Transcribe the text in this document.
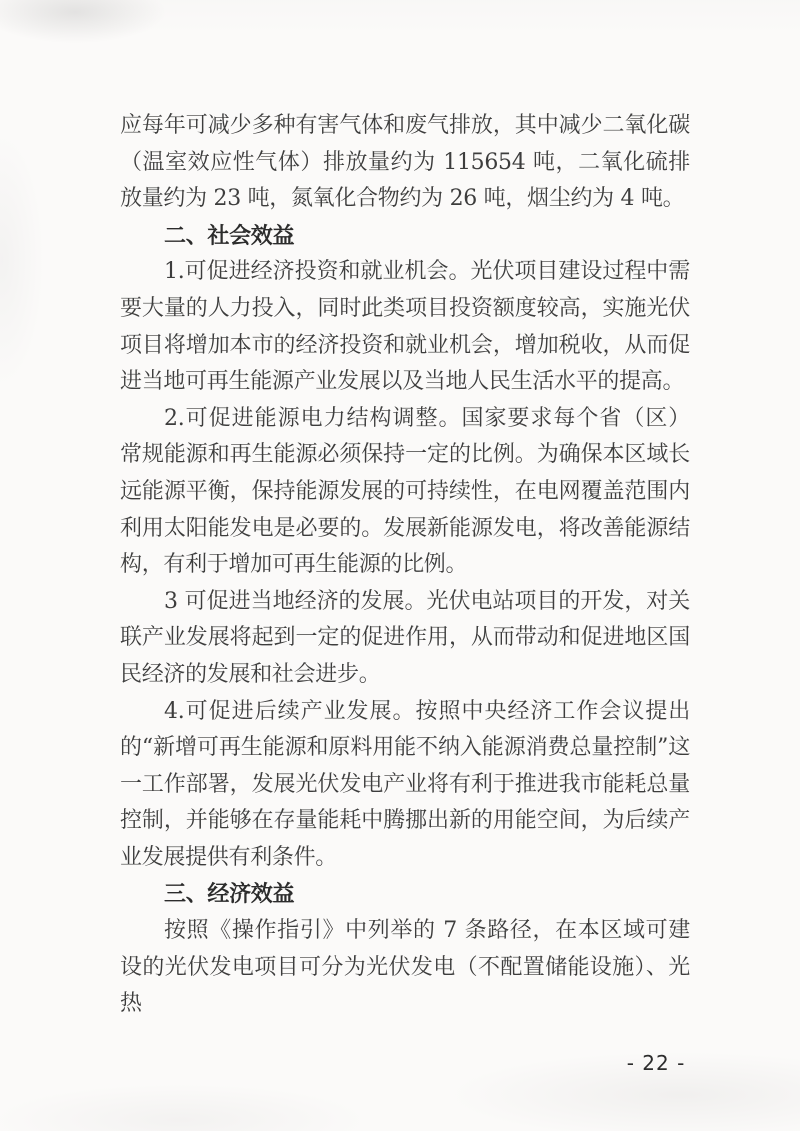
应每年可减少多种有害气体和废气排放，其中减少二氧化碳（温室效应性气体）排放量约为 115654 吨，二氧化硫排放量约为 23 吨，氮氧化合物约为 26 吨，烟尘约为 4 吨。

二、社会效益

1.可促进经济投资和就业机会。光伏项目建设过程中需要大量的人力投入，同时此类项目投资额度较高，实施光伏项目将增加本市的经济投资和就业机会，增加税收，从而促进当地可再生能源产业发展以及当地人民生活水平的提高。

2.可促进能源电力结构调整。国家要求每个省（区） 常规能源和再生能源必须保持一定的比例。为确保本区域长远能源平衡，保持能源发展的可持续性，在电网覆盖范围内利用太阳能发电是必要的。发展新能源发电，将改善能源结构，有利于增加可再生能源的比例。

3 可促进当地经济的发展。光伏电站项目的开发，对关联产业发展将起到一定的促进作用，从而带动和促进地区国民经济的发展和社会进步。

4.可促进后续产业发展。按照中央经济工作会议提出的“新增可再生能源和原料用能不纳入能源消费总量控制”这一工作部署，发展光伏发电产业将有利于推进我市能耗总量控制，并能够在存量能耗中腾挪出新的用能空间，为后续产业发展提供有利条件。

三、经济效益

按照《操作指引》中列举的 7 条路径，在本区域可建设的光伏发电项目可分为光伏发电（不配置储能设施）、光热

- 22 -
